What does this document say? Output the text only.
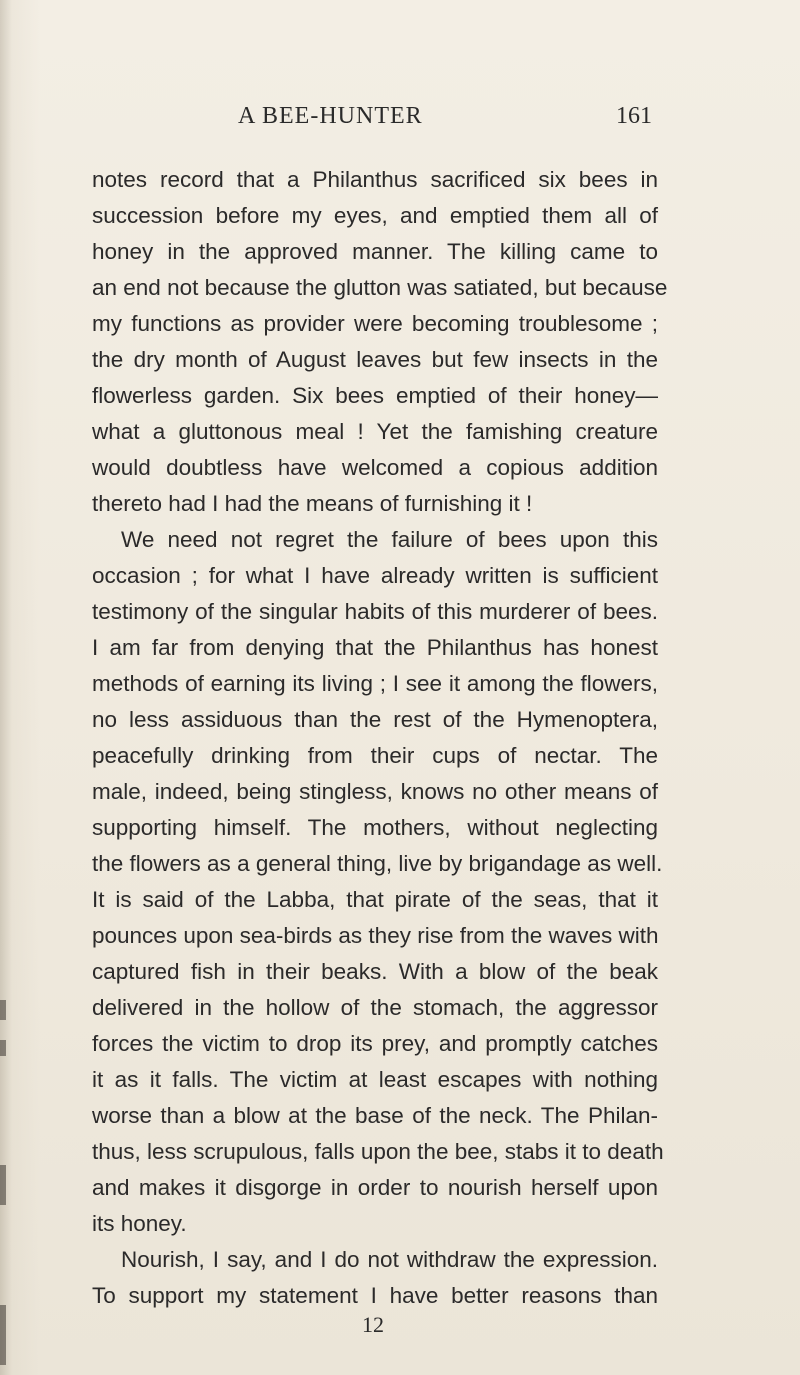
A BEE-HUNTER	161
notes record that a Philanthus sacrificed six bees in
succession before my eyes, and emptied them all of
honey in the approved manner. The killing came to
an end not because the glutton was satiated, but because
my functions as provider were becoming troublesome ;
the dry month of August leaves but few insects in the
flowerless garden. Six bees emptied of their honey—
what a gluttonous meal ! Yet the famishing creature
would doubtless have welcomed a copious addition
thereto had I had the means of furnishing it !
We need not regret the failure of bees upon this
occasion ; for what I have already written is sufficient
testimony of the singular habits of this murderer of bees.
I am far from denying that the Philanthus has honest
methods of earning its living ; I see it among the flowers,
no less assiduous than the rest of the Hymenoptera,
peacefully drinking from their cups of nectar. The
male, indeed, being stingless, knows no other means of
supporting himself. The mothers, without neglecting
the flowers as a general thing, live by brigandage as well.
It is said of the Labba, that pirate of the seas, that it
pounces upon sea-birds as they rise from the waves with
captured fish in their beaks. With a blow of the beak
delivered in the hollow of the stomach, the aggressor
forces the victim to drop its prey, and promptly catches
it as it falls. The victim at least escapes with nothing
worse than a blow at the base of the neck. The Philan-
thus, less scrupulous, falls upon the bee, stabs it to death
and makes it disgorge in order to nourish herself upon
its honey.
Nourish, I say, and I do not withdraw the expression.
To support my statement I have better reasons than
12
